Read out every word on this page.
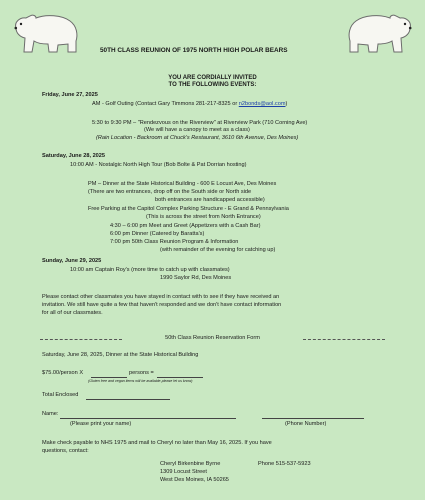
50TH CLASS REUNION OF 1975 NORTH HIGH POLAR BEARS
YOU ARE CORDIALLY INVITED
TO THE FOLLOWING EVENTS:
Friday, June 27, 2025
AM - Golf Outing (Contact Gary Timmons 281-217-8325 or n2bonds@aol.com)
5:30 to 9:30 PM – "Rendezvous on the Riverview" at Riverview Park (710 Corning Ave)
(We will have a canopy to meet as a class)
(Rain Location - Backroom at Chuck's Restaurant, 3610 6th Avenue, Des Moines)
Saturday, June 28, 2025
10:00 AM - Nostalgic North High Tour (Bob Bolte & Pat Dorrian hosting)
PM – Dinner at the State Historical Building - 600 E Locust Ave, Des Moines
(There are two entrances, drop off on the South side or North side
both entrances are handicapped accessible)
Free Parking at the Capitol Complex Parking Structure - E Grand & Pennsylvania
(This is across the street from North Entrance)
4:30 – 6:00 pm Meet and Greet (Appetizers with a Cash Bar)
6:00 pm Dinner (Catered by Baratta's)
7:00 pm 50th Class Reunion Program & Information
(with remainder of the evening for catching up)
Sunday, June 29, 2025
10:00 am Captain Roy's (more time to catch up with classmates)
1990 Saylor Rd, Des Moines
Please contact other classmates you have stayed in contact with to see if they have received an
invitation. We still have quite a few that haven't responded and we don't have contact information
for all of our classmates.
50th Class Reunion Reservation Form
Saturday, June 28, 2025, Dinner at the State Historical Building
$75.00/person X	persons =
(Gluten free and vegan items will be available-please let us know)
Total Enclosed
Name:
(Please print your name)	(Phone Number)
Make check payable to NHS 1975 and mail to Cheryl no later than May 16, 2025. If you have
questions, contact:
Cheryl Birkenbine Byrne	Phone 515-537-5923
1309 Locust Street
West Des Moines, IA 50265
